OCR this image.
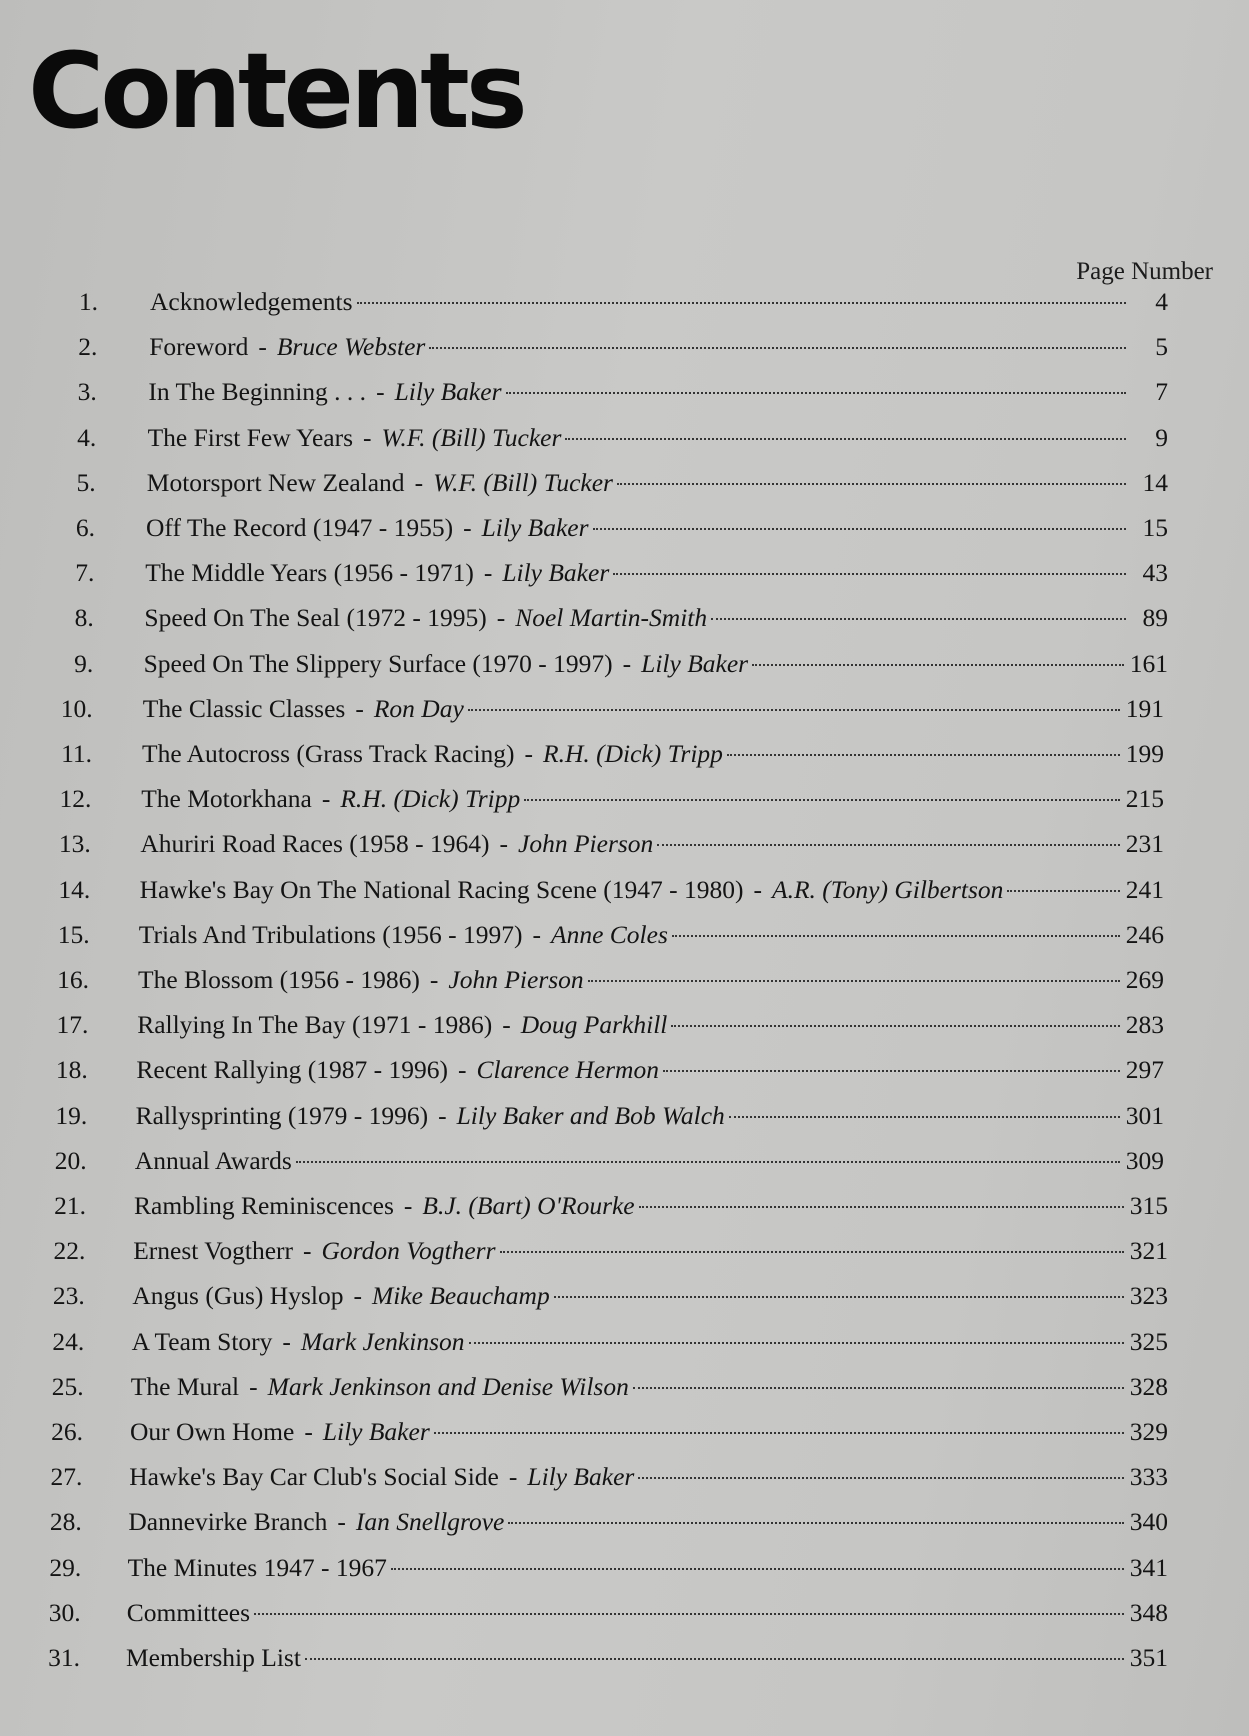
Contents
Page Number
1. Acknowledgements	4
2. Foreword - Bruce Webster	5
3. In The Beginning . . . - Lily Baker	7
4. The First Few Years - W.F. (Bill) Tucker	9
5. Motorsport New Zealand - W.F. (Bill) Tucker	14
6. Off The Record (1947 - 1955) - Lily Baker	15
7. The Middle Years (1956 - 1971) - Lily Baker	43
8. Speed On The Seal (1972 - 1995) - Noel Martin-Smith	89
9. Speed On The Slippery Surface (1970 - 1997) - Lily Baker	161
10. The Classic Classes - Ron Day	191
11. The Autocross (Grass Track Racing) - R.H. (Dick) Tripp	199
12. The Motorkhana - R.H. (Dick) Tripp	215
13. Ahuriri Road Races (1958 - 1964) - John Pierson	231
14. Hawke's Bay On The National Racing Scene (1947 - 1980) - A.R. (Tony) Gilbertson	241
15. Trials And Tribulations (1956 - 1997) - Anne Coles	246
16. The Blossom (1956 - 1986) - John Pierson	269
17. Rallying In The Bay (1971 - 1986) - Doug Parkhill	283
18. Recent Rallying (1987 - 1996) - Clarence Hermon	297
19. Rallysprinting (1979 - 1996) - Lily Baker and Bob Walch	301
20. Annual Awards	309
21. Rambling Reminiscences - B.J. (Bart) O'Rourke	315
22. Ernest Vogtherr - Gordon Vogtherr	321
23. Angus (Gus) Hyslop - Mike Beauchamp	323
24. A Team Story - Mark Jenkinson	325
25. The Mural - Mark Jenkinson and Denise Wilson	328
26. Our Own Home - Lily Baker	329
27. Hawke's Bay Car Club's Social Side - Lily Baker	333
28. Dannevirke Branch - Ian Snellgrove	340
29. The Minutes 1947 - 1967	341
30. Committees	348
31. Membership List	351
